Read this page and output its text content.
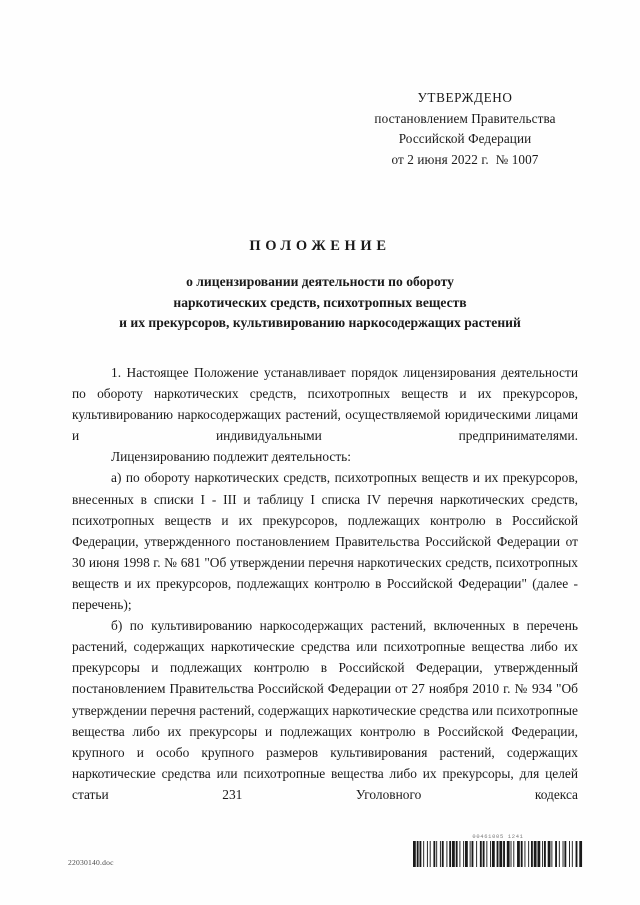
УТВЕРЖДЕНО
постановлением Правительства
Российской Федерации
от 2 июня 2022 г.  № 1007
ПОЛОЖЕНИЕ
о лицензировании деятельности по обороту
наркотических средств, психотропных веществ
и их прекурсоров, культивированию наркосодержащих растений

1. Настоящее Положение устанавливает порядок лицензирования деятельности по обороту наркотических средств, психотропных веществ и их прекурсоров, культивированию наркосодержащих растений, осуществляемой юридическими лицами и индивидуальными предпринимателями.

Лицензированию подлежит деятельность:

а) по обороту наркотических средств, психотропных веществ и их прекурсоров, внесенных в списки I - III и таблицу I списка IV перечня наркотических средств, психотропных веществ и их прекурсоров, подлежащих контролю в Российской Федерации, утвержденного постановлением Правительства Российской Федерации от 30 июня 1998 г. № 681 "Об утверждении перечня наркотических средств, психотропных веществ и их прекурсоров, подлежащих контролю в Российской Федерации" (далее - перечень);

б) по культивированию наркосодержащих растений, включенных в перечень растений, содержащих наркотические средства или психотропные вещества либо их прекурсоры и подлежащих контролю в Российской Федерации, утвержденный постановлением Правительства Российской Федерации от 27 ноября 2010 г. № 934 "Об утверждении перечня растений, содержащих наркотические средства или психотропные вещества либо их прекурсоры и подлежащих контролю в Российской Федерации, крупного и особо крупного размеров культивирования растений, содержащих наркотические средства или психотропные вещества либо их прекурсоры, для целей статьи 231 Уголовного кодекса

22030140.doc
00461005 1241
